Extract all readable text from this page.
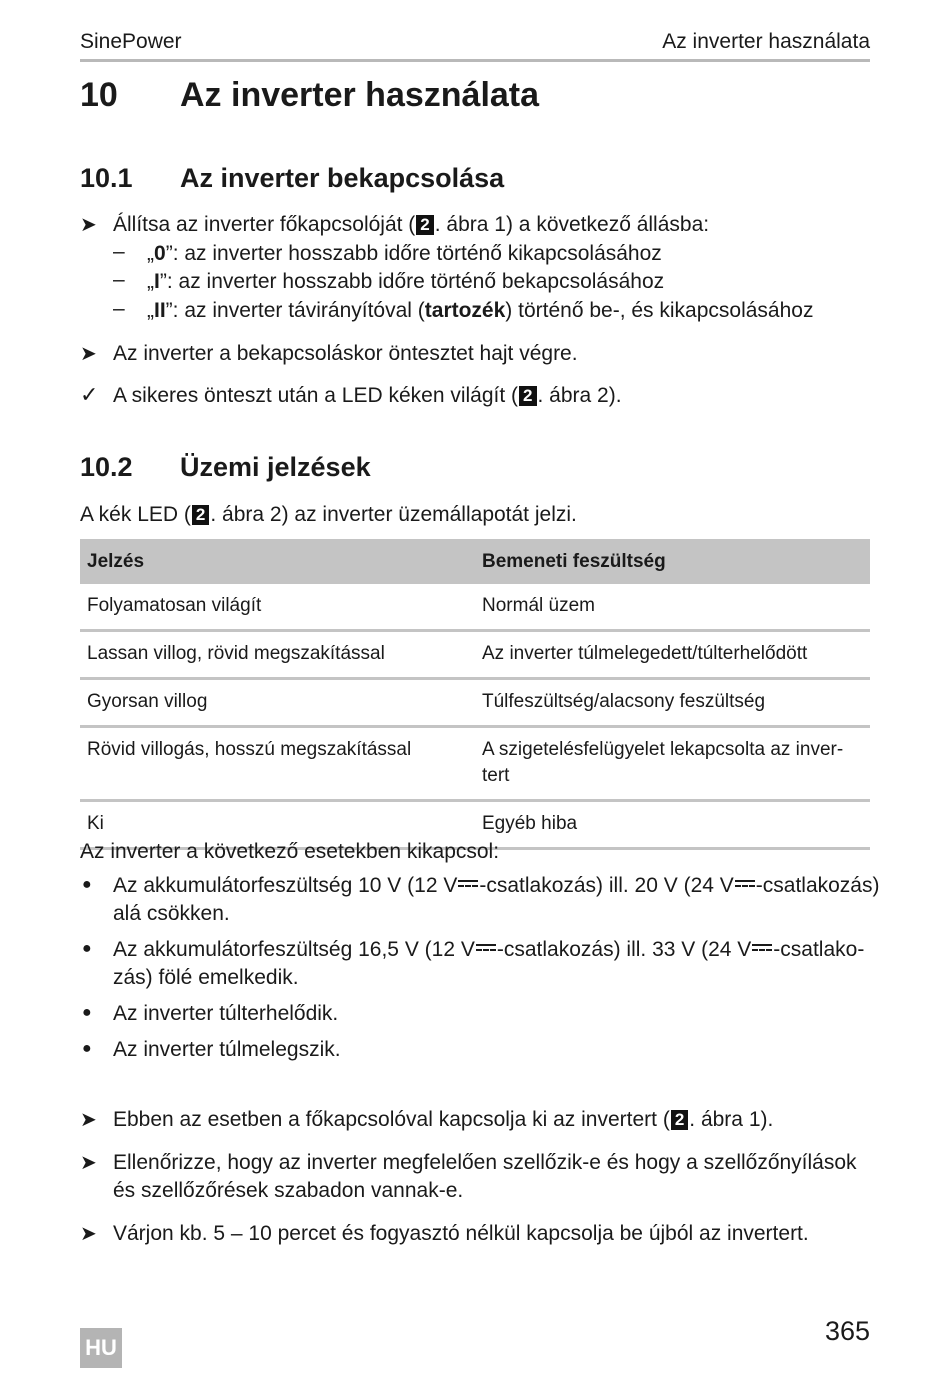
SinePower	Az inverter használata
10 Az inverter használata
10.1 Az inverter bekapcsolása
➤ Állítsa az inverter főkapcsolóját ( 2 . ábra 1) a következő állásba:
– „0”: az inverter hosszabb időre történő kikapcsolásához
– „I”: az inverter hosszabb időre történő bekapcsolásához
– „II”: az inverter távirányítóval (tartozék) történő be-, és kikapcsolásához
➤ Az inverter a bekapcsoláskor öntesztet hajt végre.
✓ A sikeres önteszt után a LED kéken világít ( 2 . ábra 2).
10.2 Üzemi jelzések
A kék LED ( 2 . ábra 2) az inverter üzemállapotát jelzi.
Jelzés	Bemeneti feszültség
Folyamatosan világít	Normál üzem
Lassan villog, rövid megszakítással	Az inverter túlmelegedett/túlterhelődött
Gyorsan villog	Túlfeszültség/alacsony feszültség
Rövid villogás, hosszú megszakítással	A szigetelésfelügyelet lekapcsolta az inver-tert
Ki	Egyéb hiba
Az inverter a következő esetekben kikapcsol:
● Az akkumulátorfeszültség 10 V (12 V -csatlakozás) ill. 20 V (24 V -csatlakozás)
alá csökken.
● Az akkumulátorfeszültség 16,5 V (12 V -csatlakozás) ill. 33 V (24 V -csatlako-
zás) fölé emelkedik.
● Az inverter túlterhelődik.
● Az inverter túlmelegszik.
➤ Ebben az esetben a főkapcsolóval kapcsolja ki az invertert ( 2 . ábra 1).
➤ Ellenőrizze, hogy az inverter megfelelően szellőzik-e és hogy a szellőzőnyílások
és szellőzőrések szabadon vannak-e.
➤ Várjon kb. 5 – 10 percet és fogyasztó nélkül kapcsolja be újból az invertert.
365
HU
